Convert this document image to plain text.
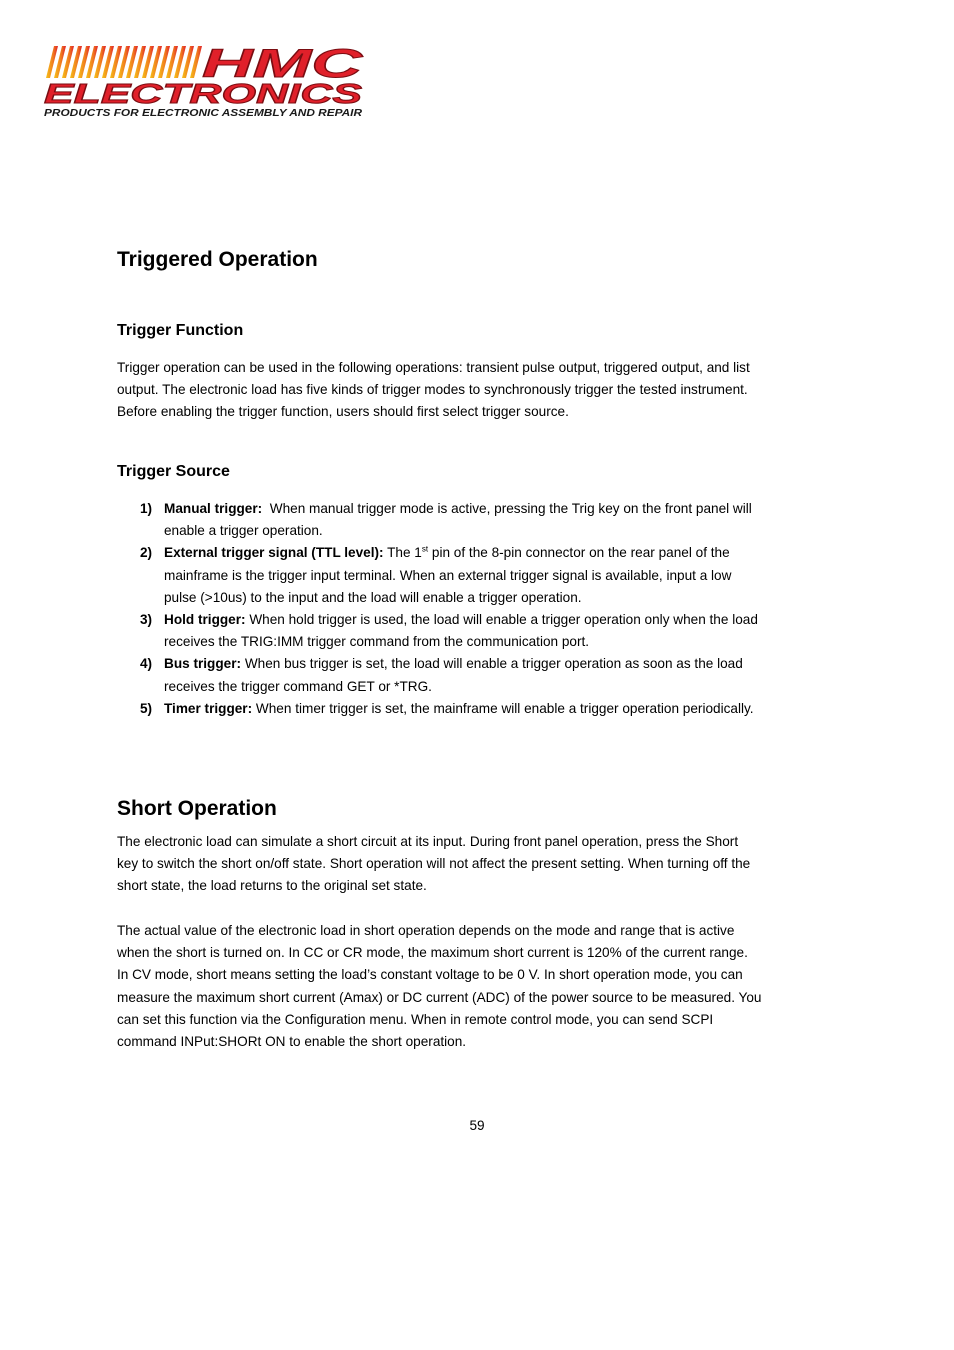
HMC
ELECTRONICS
PRODUCTS FOR ELECTRONIC ASSEMBLY AND REPAIR
Triggered Operation
Trigger Function

Trigger operation can be used in the following operations: transient pulse output, triggered output, and list output. The electronic load has five kinds of trigger modes to synchronously trigger the tested instrument. Before enabling the trigger function, users should first select trigger source.

Trigger Source
1) Manual trigger:  When manual trigger mode is active, pressing the Trig key on the front panel will enable a trigger operation.
2) External trigger signal (TTL level): The 1st pin of the 8-pin connector on the rear panel of the mainframe is the trigger input terminal. When an external trigger signal is available, input a low pulse (>10us) to the input and the load will enable a trigger operation.
3) Hold trigger: When hold trigger is used, the load will enable a trigger operation only when the load receives the TRIG:IMM trigger command from the communication port.
4) Bus trigger: When bus trigger is set, the load will enable a trigger operation as soon as the load receives the trigger command GET or *TRG.
5) Timer trigger: When timer trigger is set, the mainframe will enable a trigger operation periodically.
Short Operation

The electronic load can simulate a short circuit at its input. During front panel operation, press the Short key to switch the short on/off state. Short operation will not affect the present setting. When turning off the short state, the load returns to the original set state.

The actual value of the electronic load in short operation depends on the mode and range that is active when the short is turned on. In CC or CR mode, the maximum short current is 120% of the current range. In CV mode, short means setting the load’s constant voltage to be 0 V. In short operation mode, you can measure the maximum short current (Amax) or DC current (ADC) of the power source to be measured. You can set this function via the Configuration menu. When in remote control mode, you can send SCPI command INPut:SHORt ON to enable the short operation.

59
